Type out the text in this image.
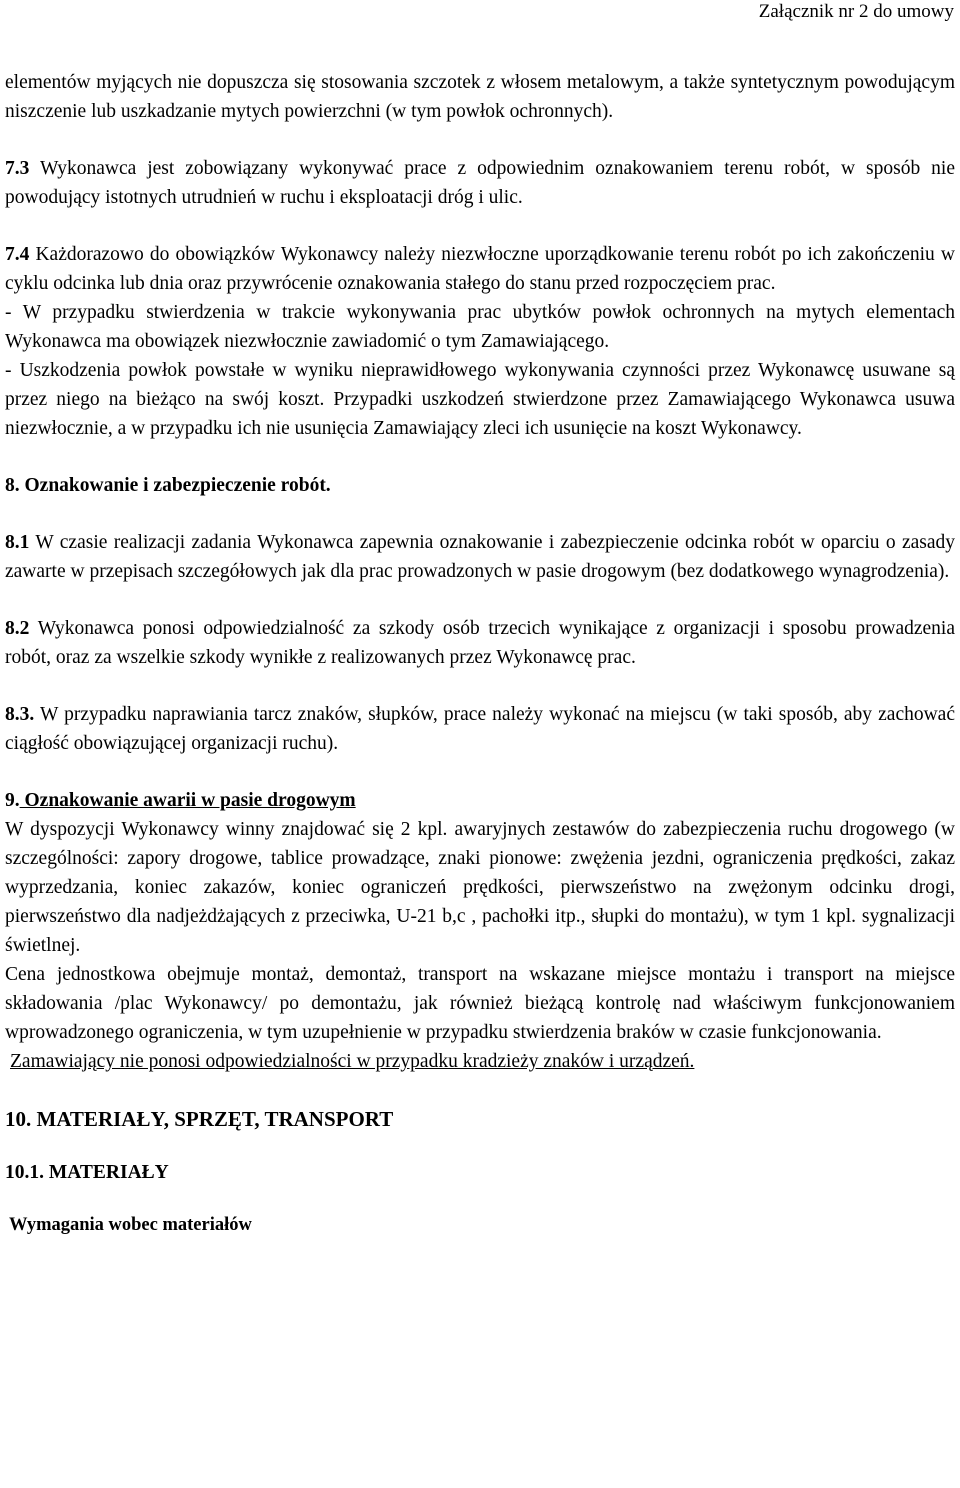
Załącznik nr 2 do umowy

elementów myjących nie dopuszcza się stosowania szczotek z włosem metalowym, a także syntetycznym powodującym niszczenie lub uszkadzanie mytych powierzchni (w tym powłok ochronnych).

7.3 Wykonawca jest zobowiązany wykonywać prace z odpowiednim oznakowaniem terenu robót, w sposób nie powodujący istotnych utrudnień w ruchu i eksploatacji dróg i ulic.

7.4 Każdorazowo do obowiązków Wykonawcy należy niezwłoczne uporządkowanie terenu robót po ich zakończeniu w cyklu odcinka lub dnia oraz przywrócenie oznakowania stałego do stanu przed rozpoczęciem prac.

- W przypadku stwierdzenia w trakcie wykonywania prac ubytków powłok ochronnych na mytych elementach Wykonawca ma obowiązek niezwłocznie zawiadomić o tym Zamawiającego.

- Uszkodzenia powłok powstałe w wyniku nieprawidłowego wykonywania czynności przez Wykonawcę usuwane są przez niego na bieżąco na swój koszt. Przypadki uszkodzeń stwierdzone przez Zamawiającego Wykonawca usuwa niezwłocznie, a w przypadku ich nie usunięcia Zamawiający zleci ich usunięcie na koszt Wykonawcy.

8. Oznakowanie i zabezpieczenie robót.

8.1 W czasie realizacji zadania Wykonawca zapewnia oznakowanie i zabezpieczenie odcinka robót w oparciu o zasady zawarte w przepisach szczegółowych jak dla prac prowadzonych w pasie drogowym (bez dodatkowego wynagrodzenia).

8.2 Wykonawca ponosi odpowiedzialność za szkody osób trzecich wynikające z organizacji i sposobu prowadzenia robót, oraz za wszelkie szkody wynikłe z realizowanych przez Wykonawcę prac.

8.3. W przypadku naprawiania tarcz znaków, słupków, prace należy wykonać na miejscu (w taki sposób, aby zachować ciągłość obowiązującej organizacji ruchu).

9. Oznakowanie awarii w pasie drogowym

W dyspozycji Wykonawcy winny znajdować się 2 kpl. awaryjnych zestawów do zabezpieczenia ruchu drogowego (w szczególności: zapory drogowe, tablice prowadzące, znaki pionowe: zwężenia jezdni, ograniczenia prędkości, zakaz wyprzedzania, koniec zakazów, koniec ograniczeń prędkości, pierwszeństwo na zwężonym odcinku drogi, pierwszeństwo dla nadjeżdżających z przeciwka, U-21 b,c , pachołki itp., słupki do montażu), w tym 1 kpl. sygnalizacji świetlnej.

Cena jednostkowa obejmuje montaż, demontaż, transport na wskazane miejsce montażu i transport na miejsce składowania /plac Wykonawcy/ po demontażu, jak również bieżącą kontrolę nad właściwym funkcjonowaniem wprowadzonego ograniczenia, w tym uzupełnienie w przypadku stwierdzenia braków w czasie funkcjonowania.

Zamawiający nie ponosi odpowiedzialności w przypadku kradzieży znaków i urządzeń.

10. MATERIAŁY, SPRZĘT, TRANSPORT

10.1. MATERIAŁY

Wymagania wobec materiałów
